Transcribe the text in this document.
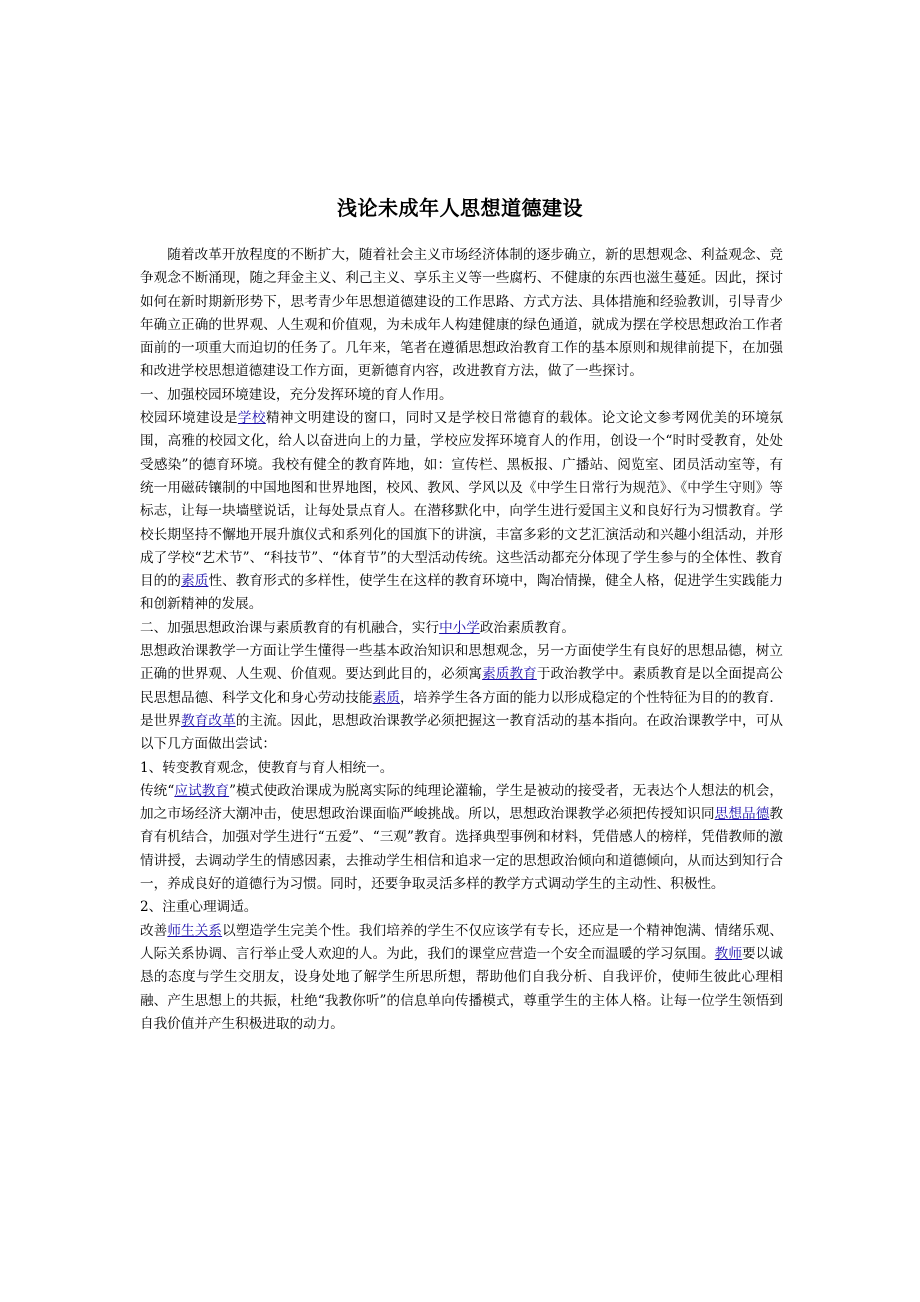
浅论未成年人思想道德建设

随着改革开放程度的不断扩大，随着社会主义市场经济体制的逐步确立，新的思想观念、利益观念、竞争观念不断涌现，随之拜金主义、利己主义、享乐主义等一些腐朽、不健康的东西也滋生蔓延。因此，探讨如何在新时期新形势下，思考青少年思想道德建设的工作思路、方式方法、具体措施和经验教训，引导青少年确立正确的世界观、人生观和价值观，为未成年人构建健康的绿色通道，就成为摆在学校思想政治工作者面前的一项重大而迫切的任务了。几年来，笔者在遵循思想政治教育工作的基本原则和规律前提下，在加强和改进学校思想道德建设工作方面，更新德育内容，改进教育方法，做了一些探讨。

一、加强校园环境建设，充分发挥环境的育人作用。

校园环境建设是学校精神文明建设的窗口，同时又是学校日常德育的载体。论文论文参考网优美的环境氛围，高雅的校园文化，给人以奋进向上的力量，学校应发挥环境育人的作用，创设一个“时时受教育，处处受感染”的德育环境。我校有健全的教育阵地，如：宣传栏、黑板报、广播站、阅览室、团员活动室等，有统一用磁砖镶制的中国地图和世界地图，校风、教风、学风以及《中学生日常行为规范》、《中学生守则》等标志，让每一块墙壁说话，让每处景点育人。在潜移默化中，向学生进行爱国主义和良好行为习惯教育。学校长期坚持不懈地开展升旗仪式和系列化的国旗下的讲演，丰富多彩的文艺汇演活动和兴趣小组活动，并形成了学校“艺术节”、“科技节”、“体育节”的大型活动传统。这些活动都充分体现了学生参与的全体性、教育目的的素质性、教育形式的多样性，使学生在这样的教育环境中，陶冶情操，健全人格，促进学生实践能力和创新精神的发展。

二、加强思想政治课与素质教育的有机融合，实行中小学政治素质教育。

思想政治课教学一方面让学生懂得一些基本政治知识和思想观念，另一方面使学生有良好的思想品德，树立正确的世界观、人生观、价值观。要达到此目的，必须寓素质教育于政治教学中。素质教育是以全面提高公民思想品德、科学文化和身心劳动技能素质，培养学生各方面的能力以形成稳定的个性特征为目的的教育．是世界教育改革的主流。因此，思想政治课教学必须把握这一教育活动的基本指向。在政治课教学中，可从以下几方面做出尝试：

1、转变教育观念，使教育与育人相统一。

传统“应试教育”模式使政治课成为脱离实际的纯理论灌输，学生是被动的接受者，无表达个人想法的机会，加之市场经济大潮冲击，使思想政治课面临严峻挑战。所以，思想政治课教学必须把传授知识同思想品德教育有机结合，加强对学生进行“五爱”、“三观”教育。选择典型事例和材料，凭借感人的榜样，凭借教师的激情讲授，去调动学生的情感因素，去推动学生相信和追求一定的思想政治倾向和道德倾向，从而达到知行合一，养成良好的道德行为习惯。同时，还要争取灵活多样的教学方式调动学生的主动性、积极性。

2、注重心理调适。

改善师生关系以塑造学生完美个性。我们培养的学生不仅应该学有专长，还应是一个精神饱满、情绪乐观、人际关系协调、言行举止受人欢迎的人。为此，我们的课堂应营造一个安全而温暖的学习氛围。教师要以诚恳的态度与学生交朋友，设身处地了解学生所思所想，帮助他们自我分析、自我评价，使师生彼此心理相融、产生思想上的共振，杜绝“我教你听”的信息单向传播模式，尊重学生的主体人格。让每一位学生领悟到自我价值并产生积极进取的动力。
